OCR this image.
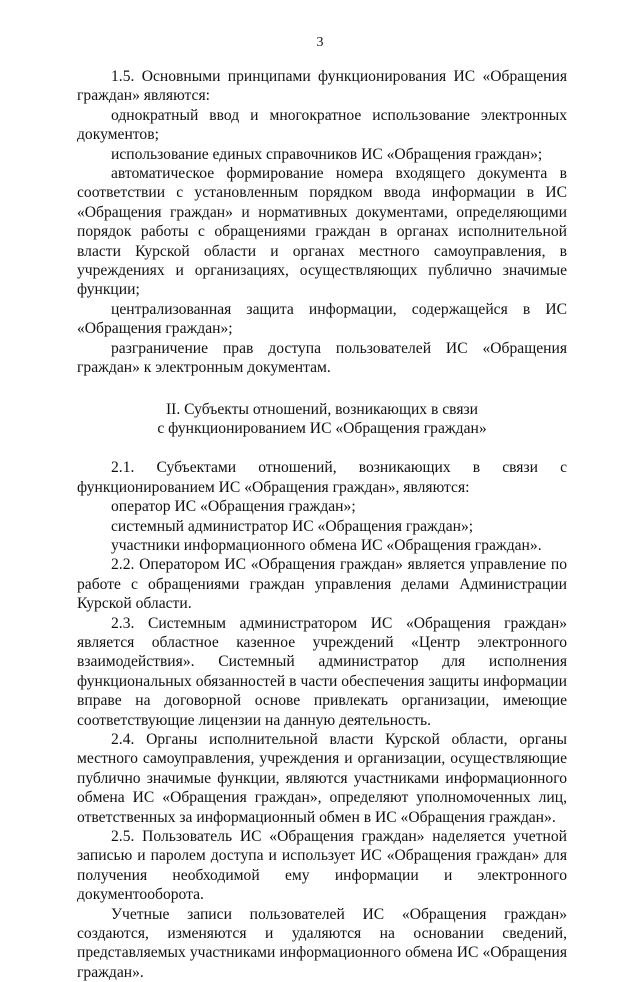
3

1.5. Основными принципами функционирования ИС «Обращения граждан» являются:

однократный ввод и многократное использование электронных документов;

использование единых справочников ИС «Обращения граждан»;

автоматическое формирование номера входящего документа в соответствии с установленным порядком ввода информации в ИС «Обращения граждан» и нормативных документами, определяющими порядок работы с обращениями граждан в органах исполнительной власти Курской области и органах местного самоуправления, в учреждениях и организациях, осуществляющих публично значимые функции;

централизованная защита информации, содержащейся в ИС «Обращения граждан»;

разграничение прав доступа пользователей ИС «Обращения граждан» к электронным документам.

II. Субъекты отношений, возникающих в связи
с функционированием ИС «Обращения граждан»

2.1. Субъектами отношений, возникающих в связи с функционированием ИС «Обращения граждан», являются:

оператор ИС «Обращения граждан»;

системный администратор ИС «Обращения граждан»;

участники информационного обмена ИС «Обращения граждан».

2.2. Оператором ИС «Обращения граждан» является управление по работе с обращениями граждан управления делами Администрации Курской области.

2.3. Системным администратором ИС «Обращения граждан» является областное казенное учреждений «Центр электронного взаимодействия». Системный администратор для исполнения функциональных обязанностей в части обеспечения защиты информации вправе на договорной основе привлекать организации, имеющие соответствующие лицензии на данную деятельность.

2.4. Органы исполнительной власти Курской области, органы местного самоуправления, учреждения и организации, осуществляющие публично значимые функции, являются участниками информационного обмена ИС «Обращения граждан», определяют уполномоченных лиц, ответственных за информационный обмен в ИС «Обращения граждан».

2.5. Пользователь ИС «Обращения граждан» наделяется учетной записью и паролем доступа и использует ИС «Обращения граждан» для получения необходимой ему информации и электронного документооборота.

Учетные записи пользователей ИС «Обращения граждан» создаются, изменяются и удаляются на основании сведений, представляемых участниками информационного обмена ИС «Обращения граждан».
